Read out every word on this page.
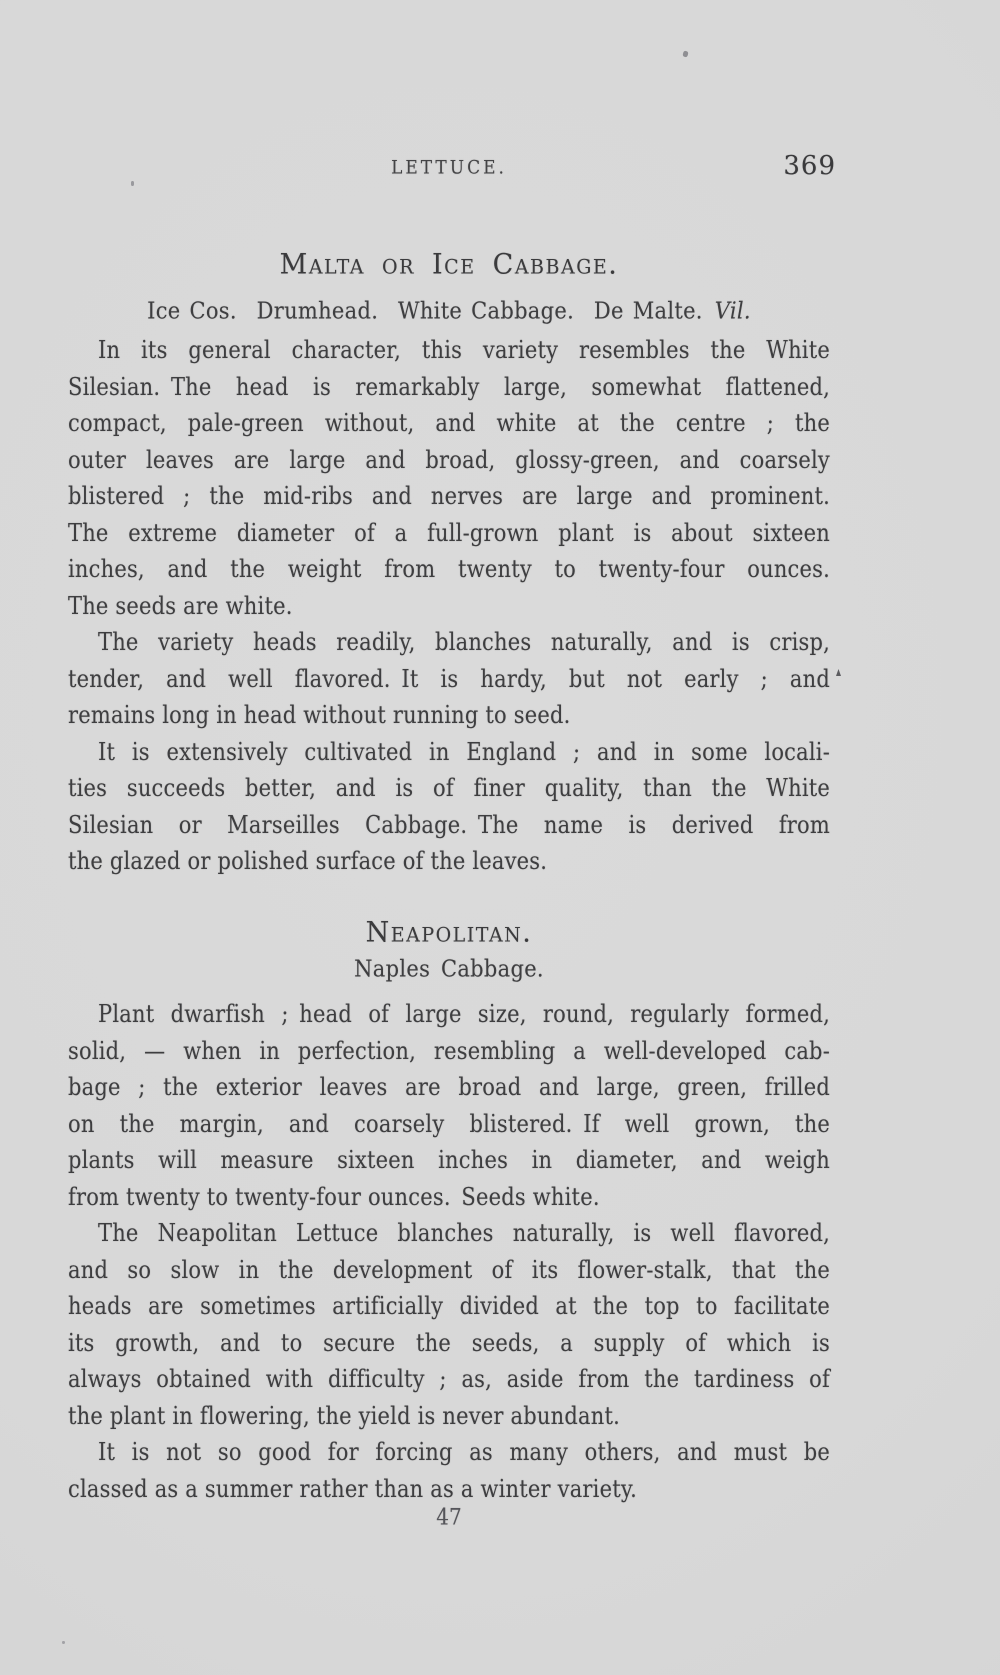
LETTUCE.	369
Malta or Ice Cabbage.
Ice Cos.  Drumhead.  White Cabbage.  De Malte. Vil.
In its general character, this variety resembles the White
Silesian. The head is remarkably large, somewhat flattened,
compact, pale-green without, and white at the centre ; the
outer leaves are large and broad, glossy-green, and coarsely
blistered ; the mid-ribs and nerves are large and prominent.
The extreme diameter of a full-grown plant is about sixteen
inches, and the weight from twenty to twenty-four ounces.
The seeds are white.
The variety heads readily, blanches naturally, and is crisp,
tender, and well flavored. It is hardy, but not early ; and
remains long in head without running to seed.
It is extensively cultivated in England ; and in some locali-
ties succeeds better, and is of finer quality, than the White
Silesian or Marseilles Cabbage. The name is derived from
the glazed or polished surface of the leaves.
Neapolitan.
Naples Cabbage.
Plant dwarfish ; head of large size, round, regularly formed,
solid, — when in perfection, resembling a well-developed cab-
bage ; the exterior leaves are broad and large, green, frilled
on the margin, and coarsely blistered. If well grown, the
plants will measure sixteen inches in diameter, and weigh
from twenty to twenty-four ounces. Seeds white.
The Neapolitan Lettuce blanches naturally, is well flavored,
and so slow in the development of its flower-stalk, that the
heads are sometimes artificially divided at the top to facilitate
its growth, and to secure the seeds, a supply of which is
always obtained with difficulty ; as, aside from the tardiness of
the plant in flowering, the yield is never abundant.
It is not so good for forcing as many others, and must be
classed as a summer rather than as a winter variety.
47
